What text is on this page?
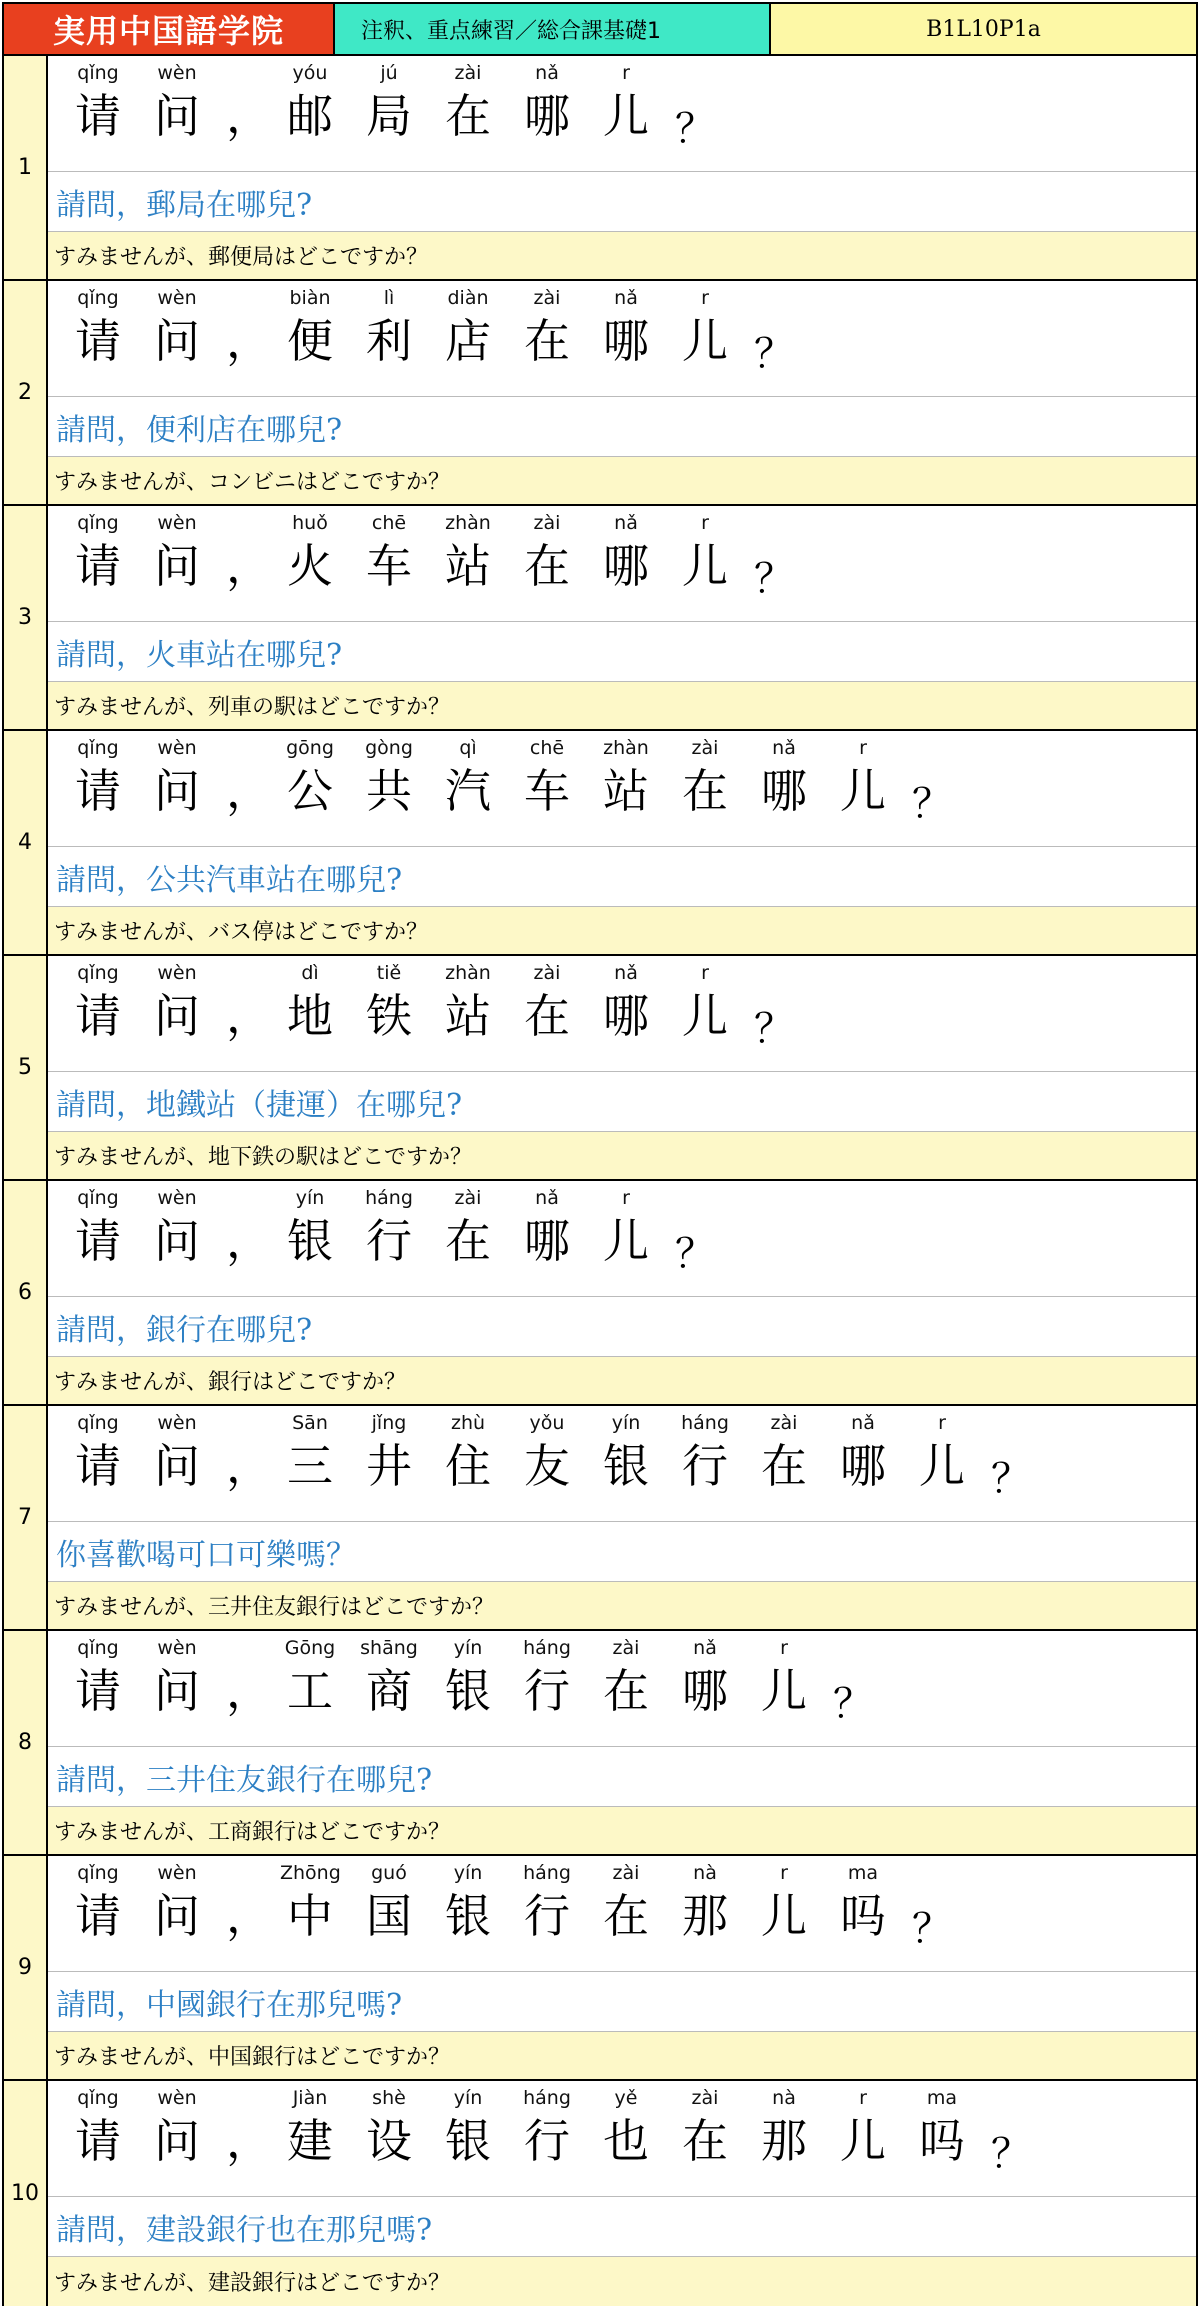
実用中国語学院	注釈、重点練習／総合課基礎1	B1L10P1a
1
qǐng
请
wèn
问 ，
yóu
邮
jú
局
zài
在
nǎ
哪
r
儿 ？
請問，郵局在哪兒?
すみませんが、郵便局はどこですか？
2
qǐng
请
wèn
问 ，
biàn
便
lì
利
diàn
店
zài
在
nǎ
哪
r
儿 ？
請問，便利店在哪兒?
すみませんが、コンビニはどこですか？
3
qǐng
请
wèn
问 ，
huǒ
火
chē
车
zhàn
站
zài
在
nǎ
哪
r
儿 ？
請問，火車站在哪兒?
すみませんが、列車の駅はどこですか？
4
qǐng
请
wèn
问 ，
gōng
公
gòng
共
qì
汽
chē
车
zhàn
站
zài
在
nǎ
哪
r
儿 ？
請問，公共汽車站在哪兒?
すみませんが、バス停はどこですか？
5
qǐng
请
wèn
问 ，
dì
地
tiě
铁
zhàn
站
zài
在
nǎ
哪
r
儿 ？
請問，地鐵站（捷運）在哪兒?
すみませんが、地下鉄の駅はどこですか？
6
qǐng
请
wèn
问 ，
yín
银
háng
行
zài
在
nǎ
哪
r
儿 ？
請問，銀行在哪兒?
すみませんが、銀行はどこですか？
7
qǐng
请
wèn
问 ，
Sān
三
jǐng
井
zhù
住
yǒu
友
yín
银
háng
行
zài
在
nǎ
哪
r
儿 ？
你喜歡喝可口可樂嗎？
すみませんが、三井住友銀行はどこですか？
8
qǐng
请
wèn
问 ，
Gōng
工
shāng
商
yín
银
háng
行
zài
在
nǎ
哪
r
儿 ？
請問，三井住友銀行在哪兒?
すみませんが、工商銀行はどこですか？
9
qǐng
请
wèn
问 ，
Zhōng
中
guó
国
yín
银
háng
行
zài
在
nà
那
r
儿
ma
吗 ？
請問，中國銀行在那兒嗎?
すみませんが、中国銀行はどこですか？
10
qǐng
请
wèn
问 ，
Jiàn
建
shè
设
yín
银
háng
行
yě
也
zài
在
nà
那
r
儿
ma
吗 ？
請問，建設銀行也在那兒嗎?
すみませんが、建設銀行はどこですか？
